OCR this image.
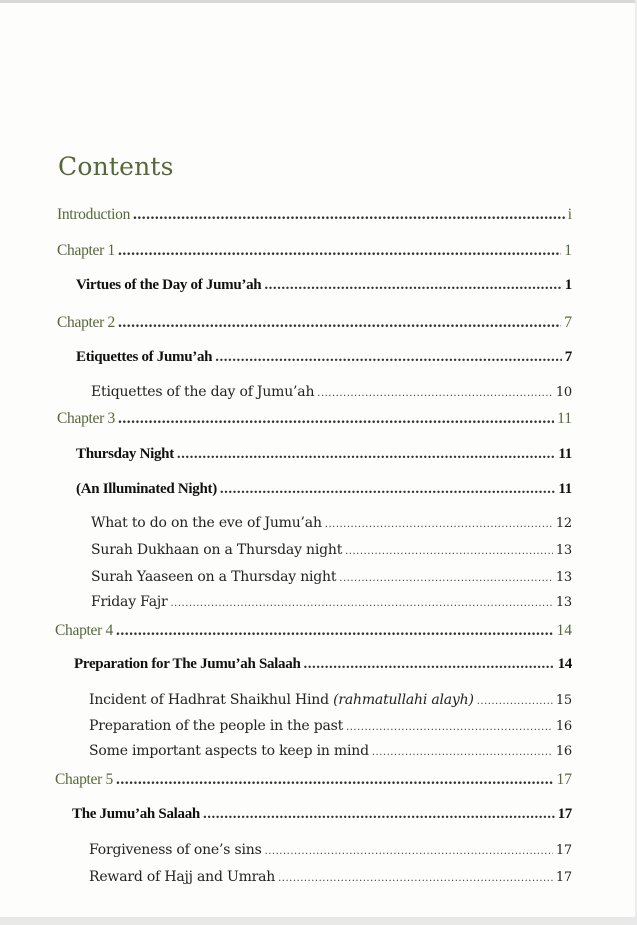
Contents
Introduction .....	i
Chapter 1 .....	1
Virtues of the Day of Jumu’ah .....	1
Chapter 2 .....	7
Etiquettes of Jumu’ah .....	7
Etiquettes of the day of Jumu’ah .....	10
Chapter 3 .....	11
Thursday Night .....	11
(An Illuminated Night) .....	11
What to do on the eve of Jumu’ah .....	12
Surah Dukhaan on a Thursday night .....	13
Surah Yaaseen on a Thursday night .....	13
Friday Fajr .....	13
Chapter 4 .....	14
Preparation for The Jumu’ah Salaah .....	14
Incident of Hadhrat Shaikhul Hind (rahmatullahi alayh) .....	15
Preparation of the people in the past .....	16
Some important aspects to keep in mind .....	16
Chapter 5 .....	17
The Jumu’ah Salaah .....	17
Forgiveness of one’s sins .....	17
Reward of Hajj and Umrah .....	17
